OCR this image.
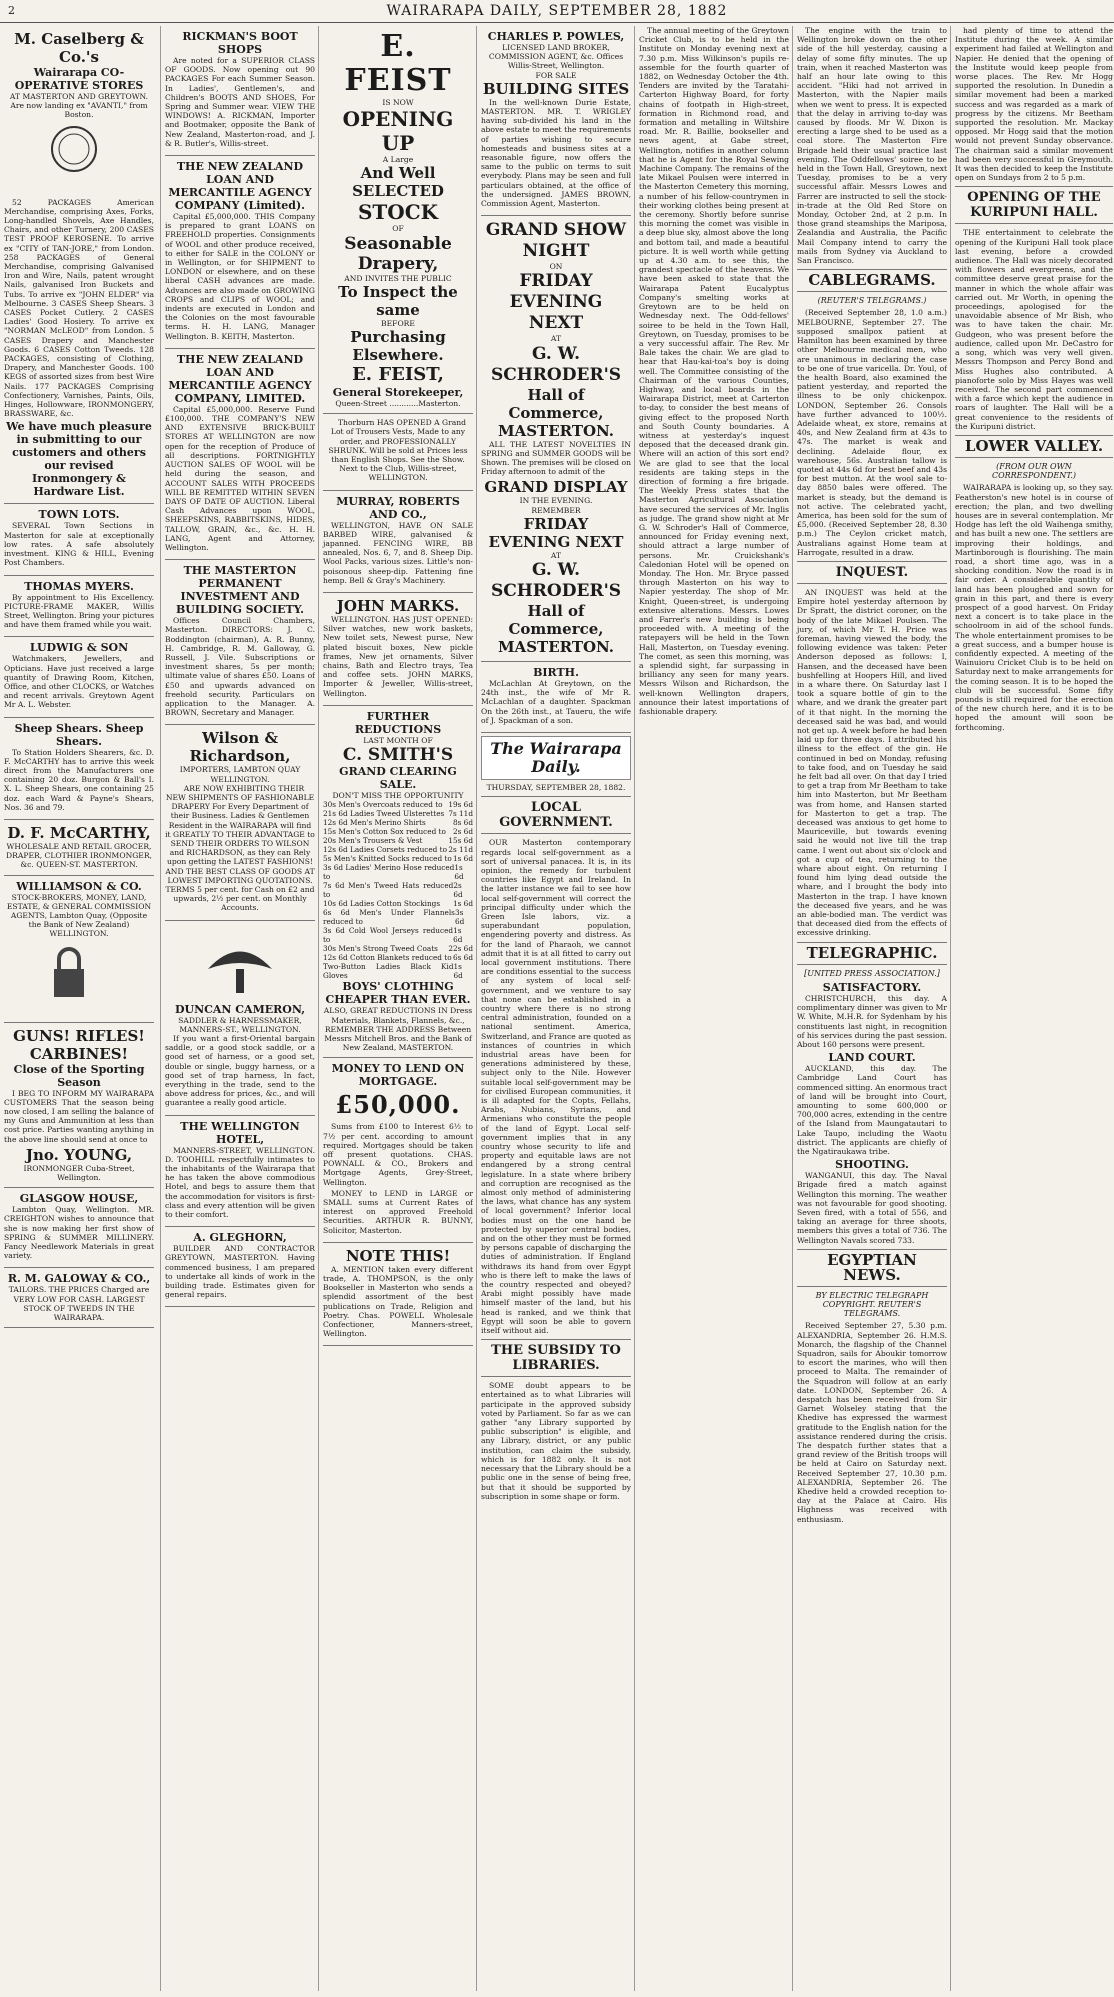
2	WAIRARAPA DAILY, SEPTEMBER 28, 1882
M. Caselberg & Co.'s
Wairarapa CO-OPERATIVE STORES
AT MASTERTON AND GREYTOWN.
Are now landing ex "AVANTI," from Boston.

52 PACKAGES American Merchandise, comprising Axes, Forks, Long-handled Shovels, Axe Handles, Chairs, and other Turnery, 200 CASES TEST PROOF KEROSENE. To arrive ex "CITY of TAN-JORE," from London. 258 PACKAGES of General Merchandise, comprising Galvanised Iron and Wire, Nails, patent wrought Nails, galvanised Iron Buckets and Tubs. To arrive ex "JOHN ELDER" via Melbourne. 3 CASES Sheep Shears. 3 CASES Pocket Cutlery. 2 CASES Ladies' Good Hosiery. To arrive ex "NORMAN McLEOD" from London. 5 CASES Drapery and Manchester Goods. 6 CASES Cotton Tweeds. 128 PACKAGES, consisting of Clothing, Drapery, and Manchester Goods. 100 KEGS of assorted sizes from best Wire Nails. 177 PACKAGES Comprising Confectionery, Varnishes, Paints, Oils, Hinges, Hollowware, IRONMONGERY, BRASSWARE, &c.

We have much pleasure in submitting to our customers and others our revised Ironmongery & Hardware List.
TOWN LOTS.

SEVERAL Town Sections in Masterton for sale at exceptionally low rates. A safe absolutely investment. KING & HILL, Evening Post Chambers.

THOMAS MYERS.

By appointment to His Excellency. PICTURE-FRAME MAKER, Willis Street, Wellington. Bring your pictures and have them framed while you wait.

LUDWIG & SON

Watchmakers, Jewellers, and Opticians. Have just received a large quantity of Drawing Room, Kitchen, Office, and other CLOCKS, or Watches and recent arrivals. Greytown Agent Mr A. L. Webster.

Sheep Shears. Sheep Shears.

To Station Holders Shearers, &c. D. F. McCARTHY has to arrive this week direct from the Manufacturers one containing 20 doz. Burgon & Ball's I. X. L. Sheep Shears, one containing 25 doz. each Ward & Payne's Shears, Nos. 36 and 79.

D. F. McCARTHY,
WHOLESALE AND RETAIL GROCER, DRAPER, CLOTHIER IRONMONGER, &c. QUEEN-ST. MASTERTON.
WILLIAMSON & CO.
STOCK-BROKERS, MONEY, LAND, ESTATE, & GENERAL COMMISSION AGENTS, Lambton Quay, (Opposite the Bank of New Zealand) WELLINGTON.
GUNS! RIFLES! CARBINES!
Close of the Sporting Season

I BEG TO INFORM MY WAIRARAPA CUSTOMERS That the season being now closed, I am selling the balance of my Guns and Ammunition at less than cost price. Parties wanting anything in the above line should send at once to

Jno. YOUNG,
IRONMONGER Cuba-Street, Wellington.
GLASGOW HOUSE,

Lambton Quay, Wellington. MR. CREIGHTON wishes to announce that she is now making her first show of SPRING & SUMMER MILLINERY. Fancy Needlework Materials in great variety.

R. M. GALOWAY & CO.,
TAILORS. THE PRICES Charged are VERY LOW FOR CASH. LARGEST STOCK OF TWEEDS IN THE WAIRARAPA.
RICKMAN'S BOOT SHOPS

Are noted for a SUPERIOR CLASS OF GOODS. Now opening out 90 PACKAGES For each Summer Season. In Ladies', Gentlemen's, and Children's BOOTS AND SHOES, For Spring and Summer wear. VIEW THE WINDOWS! A. RICKMAN, Importer and Bootmaker, opposite the Bank of New Zealand, Masterton-road, and J. & R. Butler's, Willis-street.

THE NEW ZEALAND LOAN AND MERCANTILE AGENCY COMPANY (Limited).

Capital £5,000,000. THIS Company is prepared to grant LOANS on FREEHOLD properties. Consignments of WOOL and other produce received, to either for SALE in the COLONY or in Wellington, or for SHIPMENT to LONDON or elsewhere, and on these liberal CASH advances are made. Advances are also made on GROWING CROPS and CLIPS of WOOL; and indents are executed in London and the Colonies on the most favourable terms. H. H. LANG, Manager Wellington. B. KEITH, Masterton.

THE NEW ZEALAND LOAN AND MERCANTILE AGENCY COMPANY, LIMITED.

Capital £5,000,000. Reserve Fund £100,000. THE COMPANY'S NEW AND EXTENSIVE BRICK-BUILT STORES AT WELLINGTON are now open for the reception of Produce of all descriptions. FORTNIGHTLY AUCTION SALES OF WOOL will be held during the season, and ACCOUNT SALES WITH PROCEEDS WILL BE REMITTED WITHIN SEVEN DAYS OF DATE OF AUCTION. Liberal Cash Advances upon WOOL, SHEEPSKINS, RABBITSKINS, HIDES, TALLOW, GRAIN, &c., &c. H. H. LANG, Agent and Attorney, Wellington.

THE MASTERTON PERMANENT INVESTMENT AND BUILDING SOCIETY.

Offices Council Chambers, Masterton. DIRECTORS: J. C. Boddington (chairman), A. R. Bunny, H. Cambridge, R. M. Galloway, G. Russell, J. Vile. Subscriptions or investment shares, 5s per month; ultimate value of shares £50. Loans of £50 and upwards advanced on freehold security. Particulars on application to the Manager. A. BROWN, Secretary and Manager.

Wilson & Richardson,
IMPORTERS, LAMBTON QUAY WELLINGTON.

ARE NOW EXHIBITING THEIR NEW SHIPMENTS OF FASHIONABLE DRAPERY For Every Department of their Business. Ladies & Gentlemen Resident in the WAIRARAPA will find it GREATLY TO THEIR ADVANTAGE to SEND THEIR ORDERS TO WILSON and RICHARDSON, as they can Rely upon getting the LATEST FASHIONS! AND THE BEST CLASS OF GOODS AT LOWEST IMPORTING QUOTATIONS. TERMS 5 per cent. for Cash on £2 and upwards, 2½ per cent. on Monthly Accounts.

DUNCAN CAMERON,
SADDLER & HARNESSMAKER, MANNERS-ST., WELLINGTON.

If you want a first-Oriental bargain saddle, or a good stock saddle, or a good set of harness, or a good set, double or single, buggy harness, or a good set of trap harness, In fact, everything in the trade, send to the above address for prices, &c., and will guarantee a really good article.

THE WELLINGTON HOTEL,

MANNERS-STREET, WELLINGTON. D. TOOHILL respectfully intimates to the inhabitants of the Wairarapa that he has taken the above commodious Hotel, and begs to assure them that the accommodation for visitors is first-class and every attention will be given to their comfort.

A. GLEGHORN,

BUILDER AND CONTRACTOR GREYTOWN, MASTERTON. Having commenced business, I am prepared to undertake all kinds of work in the building trade. Estimates given for general repairs.

E. FEIST
IS NOW
OPENING UP
A Large
And Well SELECTED
STOCK
OF
Seasonable Drapery,
AND INVITES THE PUBLIC
To Inspect the same
BEFORE
Purchasing Elsewhere.
E. FEIST,
General Storekeeper,
Queen-Street ............Masterton.

Thorburn HAS OPENED A Grand Lot of Trousers Vests, Made to any order, and PROFESSIONALLY SHRUNK. Will be sold at Prices less than English Shops. See the Show. Next to the Club, Willis-street, WELLINGTON.

MURRAY, ROBERTS AND CO.,

WELLINGTON, HAVE ON SALE BARBED WIRE, galvanised & japanned. FENCING WIRE, BB annealed, Nos. 6, 7, and 8. Sheep Dip. Wool Packs, various sizes. Little's non-poisonous sheep-dip. Fattening fine hemp. Bell & Gray's Machinery.

JOHN MARKS.

WELLINGTON. HAS JUST OPENED: Silver watches, new work baskets, New toilet sets, Newest purse, New plated biscuit boxes, New pickle frames, New jet ornaments, Silver chains, Bath and Electro trays, Tea and coffee sets. JOHN MARKS, Importer & Jeweller, Willis-street, Wellington.

FURTHER REDUCTIONS
LAST MONTH OF
C. SMITH'S
GRAND CLEARING SALE.
DON'T MISS THE OPPORTUNITY
30s Men's Overcoats reduced to 19s 6d
21s 6d Ladies Tweed Ulsterettes 7s 11d
12s 6d Men's Merino Shirts	8s 6d
15s Men's Cotton Sox reduced to 2s 6d
20s Men's Trousers & Vest	15s 6d
12s 6d Ladies Corsets reduced to 2s 11d
5s Men's Knitted Socks reduced to 1s 6d
3s 6d Ladies' Merino Hose reduced to
1s 6d
7s 6d Men's Tweed Hats reduced to
2s 6d
10s 6d Ladies Cotton Stockings 1s 6d
6s 6d Men's Under Flannels reduced to
3s 6d
3s 6d Cold Wool Jerseys reduced to
1s 6d
30s Men's Strong Tweed Coats 22s 6d
12s 6d Cotton Blankets reduced to 6s 6d
Two-Button Ladies Black Kid Gloves
1s 6d
BOYS' CLOTHING CHEAPER THAN EVER.
ALSO, GREAT REDUCTIONS IN Dress Materials, Blankets, Flannels, &c.,
REMEMBER THE ADDRESS Between Messrs Mitchell Bros. and the Bank of New Zealand, MASTERTON.
MONEY TO LEND ON MORTGAGE.
£50,000.

Sums from £100 to Interest 6½ to 7½ per cent. according to amount required. Mortgages should be taken off present quotations. CHAS. POWNALL & CO., Brokers and Mortgage Agents, Grey-Street, Wellington.

MONEY to LEND in LARGE or SMALL sums at Current Rates of interest on approved Freehold Securities. ARTHUR R. BUNNY, Solicitor, Masterton.

NOTE THIS!

A. MENTION taken every different trade, A. THOMPSON, is the only Bookseller in Masterton who sends a splendid assortment of the best publications on Trade, Religion and Poetry. Chas. POWELL Wholesale Confectioner, Manners-street, Wellington.

CHARLES P. POWLES,
LICENSED LAND BROKER, COMMISSION AGENT, &c. Offices Willis-Street, Wellington.
FOR SALE
BUILDING SITES

In the well-known Durie Estate, MASTERTON. MR. T. WRIGLEY having sub-divided his land in the above estate to meet the requirements of parties wishing to secure homesteads and business sites at a reasonable figure, now offers the same to the public on terms to suit everybody. Plans may be seen and full particulars obtained, at the office of the undersigned. JAMES BROWN, Commission Agent, Masterton.

GRAND SHOW NIGHT
ON
FRIDAY EVENING
NEXT
AT
G. W. SCHRODER'S
Hall of Commerce,
MASTERTON.

ALL THE LATEST NOVELTIES IN SPRING and SUMMER GOODS will be Shown. The premises will be closed on Friday afternoon to admit of the

GRAND DISPLAY
IN THE EVENING.
REMEMBER
FRIDAY EVENING NEXT
AT
G. W. SCHRODER'S
Hall of Commerce,
MASTERTON.
BIRTH.

McLachlan At Greytown, on the 24th inst., the wife of Mr R. McLachlan of a daughter. Spackman On the 26th inst., at Taueru, the wife of J. Spackman of a son.

The Wairarapa Daily.
THURSDAY, SEPTEMBER 28, 1882.
LOCAL GOVERNMENT.

OUR Masterton contemporary regards local self-government as a sort of universal panacea. It is, in its opinion, the remedy for turbulent countries like Egypt and Ireland. In the latter instance we fail to see how local self-government will correct the principal difficulty under which the Green Isle labors, viz. a superabundant population, engendering poverty and distress. As for the land of Pharaoh, we cannot admit that it is at all fitted to carry out local government institutions. There are conditions essential to the success of any system of local self-government, and we venture to say that none can be established in a country where there is no strong central administration, founded on a national sentiment. America, Switzerland, and France are quoted as instances of countries in which industrial areas have been for generations administered by these, subject only to the Nile. However suitable local self-government may be for civilised European communities, it is ill adapted for the Copts, Fellahs, Arabs, Nubians, Syrians, and Armenians who constitute the people of the land of Egypt. Local self-government implies that in any country whose security to life and property and equitable laws are not endangered by a strong central legislature. In a state where bribery and corruption are recognised as the almost only method of administering the laws, what chance has any system of local government? Inferior local bodies must on the one hand be protected by superior central bodies, and on the other they must be formed by persons capable of discharging the duties of administration. If England withdraws its hand from over Egypt who is there left to make the laws of the country respected and obeyed? Arabi might possibly have made himself master of the land, but his head is ranked, and we think that Egypt will soon be able to govern itself without aid.

THE SUBSIDY TO LIBRARIES.

SOME doubt appears to be entertained as to what Libraries will participate in the approved subsidy voted by Parliament. So far as we can gather "any Library supported by public subscription" is eligible, and any Library, district, or any public institution, can claim the subsidy, which is for 1882 only. It is not necessary that the Library should be a public one in the sense of being free, but that it should be supported by subscription in some shape or form.

The annual meeting of the Greytown Cricket Club, is to be held in the Institute on Monday evening next at 7.30 p.m. Miss Wilkinson's pupils re-assemble for the fourth quarter of 1882, on Wednesday October the 4th. Tenders are invited by the Taratahi-Carterton Highway Board, for forty chains of footpath in High-street, formation in Richmond road, and formation and metalling in Wiltshire road. Mr. R. Baillie, bookseller and news agent, at Gabe street, Wellington, notifies in another column that he is Agent for the Royal Sewing Machine Company. The remains of the late Mikael Poulsen were interred in the Masterton Cemetery this morning, a number of his fellow-countrymen in their working clothes being present at the ceremony. Shortly before sunrise this morning the comet was visible in a deep blue sky, almost above the long and bottom tail, and made a beautiful picture. It is well worth while getting up at 4.30 a.m. to see this, the grandest spectacle of the heavens. We have been asked to state that the Wairarapa Patent Eucalyptus Company's smelting works at Greytown are to be held on Wednesday next. The Odd-fellows' soiree to be held in the Town Hall, Greytown, on Tuesday, promises to be a very successful affair. The Rev. Mr Bale takes the chair. We are glad to hear that Hau-kai-toa's boy is doing well. The Committee consisting of the Chairman of the various Counties, Highway, and local boards in the Wairarapa District, meet at Carterton to-day, to consider the best means of giving effect to the proposed North and South County boundaries. A witness at yesterday's inquest deposed that the deceased drank gin. Where will an action of this sort end? We are glad to see that the local residents are taking steps in the direction of forming a fire brigade. The Weekly Press states that the Masterton Agricultural Association have secured the services of Mr. Inglis as judge. The grand show night at Mr G. W. Schroder's Hall of Commerce, announced for Friday evening next, should attract a large number of persons. Mr. Cruickshank's Caledonian Hotel will be opened on Monday. The Hon. Mr. Bryce passed through Masterton on his way to Napier yesterday. The shop of Mr. Knight, Queen-street, is undergoing extensive alterations. Messrs. Lowes and Farrer's new building is being proceeded with. A meeting of the ratepayers will be held in the Town Hall, Masterton, on Tuesday evening. The comet, as seen this morning, was a splendid sight, far surpassing in brilliancy any seen for many years. Messrs Wilson and Richardson, the well-known Wellington drapers, announce their latest importations of fashionable drapery.

The engine with the train to Wellington broke down on the other side of the hill yesterday, causing a delay of some fifty minutes. The up train, when it reached Masterton was half an hour late owing to this accident. "Hiki had not arrived in Masterton, with the Napier mails when we went to press. It is expected that the delay in arriving to-day was caused by floods. Mr W. Dixon is erecting a large shed to be used as a coal store. The Masterton Fire Brigade held their usual practice last evening. The Oddfellows' soiree to be held in the Town Hall, Greytown, next Tuesday, promises to be a very successful affair. Messrs Lowes and Farrer are instructed to sell the stock-in-trade at the Old Red Store on Monday, October 2nd, at 2 p.m. In those grand steamships the Mariposa, Zealandia and Australia, the Pacific Mail Company intend to carry the mails from Sydney via Auckland to San Francisco.

CABLEGRAMS.
(REUTER'S TELEGRAMS.)

(Received September 28, 1.0 a.m.) MELBOURNE, September 27. The supposed smallpox patient at Hamilton has been examined by three other Melbourne medical men, who are unanimous in declaring the case to be one of true varicella. Dr. Youl, of the health Board, also examined the patient yesterday, and reported the illness to be only chickenpox. LONDON, September 26. Consols have further advanced to 100½. Adelaide wheat, ex store, remains at 40s, and New Zealand firm at 43s to 47s. The market is weak and declining. Adelaide flour, ex warehouse, 56s. Australian tallow is quoted at 44s 6d for best beef and 43s for best mutton. At the wool sale to-day 8850 bales were offered. The market is steady, but the demand is not active. The celebrated yacht, America, has been sold for the sum of £5,000. (Received September 28, 8.30 p.m.) The Ceylon cricket match, Australians against Home team at Harrogate, resulted in a draw.

INQUEST.

AN INQUEST was held at the Empire hotel yesterday afternoon by Dr Spratt, the district coroner, on the body of the late Mikael Poulsen. The jury, of which Mr T. H. Price was foreman, having viewed the body, the following evidence was taken: Peter Anderson deposed as follows: I, Hansen, and the deceased have been bushfelling at Hoopers Hill, and lived in a whare there. On Saturday last I took a square bottle of gin to the whare, and we drank the greater part of it that night. In the morning the deceased said he was bad, and would not get up. A week before he had been laid up for three days. I attributed his illness to the effect of the gin. He continued in bed on Monday, refusing to take food, and on Tuesday he said he felt bad all over. On that day I tried to get a trap from Mr Beetham to take him into Masterton, but Mr Beetham was from home, and Hansen started for Masterton to get a trap. The deceased was anxious to get home to Mauriceville, but towards evening said he would not live till the trap came. I went out about six o'clock and got a cup of tea, returning to the whare about eight. On returning I found him lying dead outside the whare, and I brought the body into Masterton in the trap. I have known the deceased five years, and he was an able-bodied man. The verdict was that deceased died from the effects of excessive drinking.

TELEGRAPHIC.
[UNITED PRESS ASSOCIATION.]
SATISFACTORY.

CHRISTCHURCH, this day. A complimentary dinner was given to Mr W. White, M.H.R. for Sydenham by his constituents last night, in recognition of his services during the past session. About 160 persons were present.

LAND COURT.

AUCKLAND, this day. The Cambridge Land Court has commenced sitting. An enormous tract of land will be brought into Court, amounting to some 600,000 or 700,000 acres, extending in the centre of the Island from Maungatautari to Lake Taupo, including the Waotu district. The applicants are chiefly of the Ngatiraukawa tribe.

SHOOTING.

WANGANUI, this day. The Naval Brigade fired a match against Wellington this morning. The weather was not favourable for good shooting. Seven fired, with a total of 556, and taking an average for three shoots, members this gives a total of 736. The Wellington Navals scored 733.

EGYPTIAN NEWS.
BY ELECTRIC TELEGRAPH COPYRIGHT. REUTER'S TELEGRAMS.

Received September 27, 5.30 p.m. ALEXANDRIA, September 26. H.M.S. Monarch, the flagship of the Channel Squadron, sails for Aboukir tomorrow to escort the marines, who will then proceed to Malta. The remainder of the Squadron will follow at an early date. LONDON, September 26. A despatch has been received from Sir Garnet Wolseley stating that the Khedive has expressed the warmest gratitude to the English nation for the assistance rendered during the crisis. The despatch further states that a grand review of the British troops will be held at Cairo on Saturday next. Received September 27, 10.30 p.m. ALEXANDRIA, September 26. The Khedive held a crowded reception to-day at the Palace at Cairo. His Highness was received with enthusiasm.

had plenty of time to attend the Institute during the week. A similar experiment had failed at Wellington and Napier. He denied that the opening of the Institute would keep people from worse places. The Rev. Mr Hogg supported the resolution. In Dunedin a similar movement had been a marked success and was regarded as a mark of progress by the citizens. Mr Beetham supported the resolution. Mr. Mackay opposed. Mr Hogg said that the motion would not prevent Sunday observance. The chairman said a similar movement had been very successful in Greymouth. It was then decided to keep the Institute open on Sundays from 2 to 5 p.m.

OPENING OF THE KURIPUNI HALL.

THE entertainment to celebrate the opening of the Kuripuni Hall took place last evening, before a crowded audience. The Hall was nicely decorated with flowers and evergreens, and the committee deserve great praise for the manner in which the whole affair was carried out. Mr Worth, in opening the proceedings, apologised for the unavoidable absence of Mr Bish, who was to have taken the chair. Mr. Gudgeon, who was present before the audience, called upon Mr. DeCastro for a song, which was very well given. Messrs Thompson and Percy Bond and Miss Hughes also contributed. A pianoforte solo by Miss Hayes was well received. The second part commenced with a farce which kept the audience in roars of laughter. The Hall will be a great convenience to the residents of the Kuripuni district.

LOWER VALLEY.
(FROM OUR OWN CORRESPONDENT.)

WAIRARAPA is looking up, so they say. Featherston's new hotel is in course of erection; the plan, and two dwelling houses are in several contemplation. Mr Hodge has left the old Waihenga smithy, and has built a new one. The settlers are improving their holdings, and Martinborough is flourishing. The main road, a short time ago, was in a shocking condition. Now the road is in fair order. A considerable quantity of land has been ploughed and sown for grain in this part, and there is every prospect of a good harvest. On Friday next a concert is to take place in the schoolroom in aid of the school funds. The whole entertainment promises to be a great success, and a bumper house is confidently expected. A meeting of the Wainuioru Cricket Club is to be held on Saturday next to make arrangements for the coming season. It is to be hoped the club will be successful. Some fifty pounds is still required for the erection of the new church here, and it is to be hoped the amount will soon be forthcoming.
